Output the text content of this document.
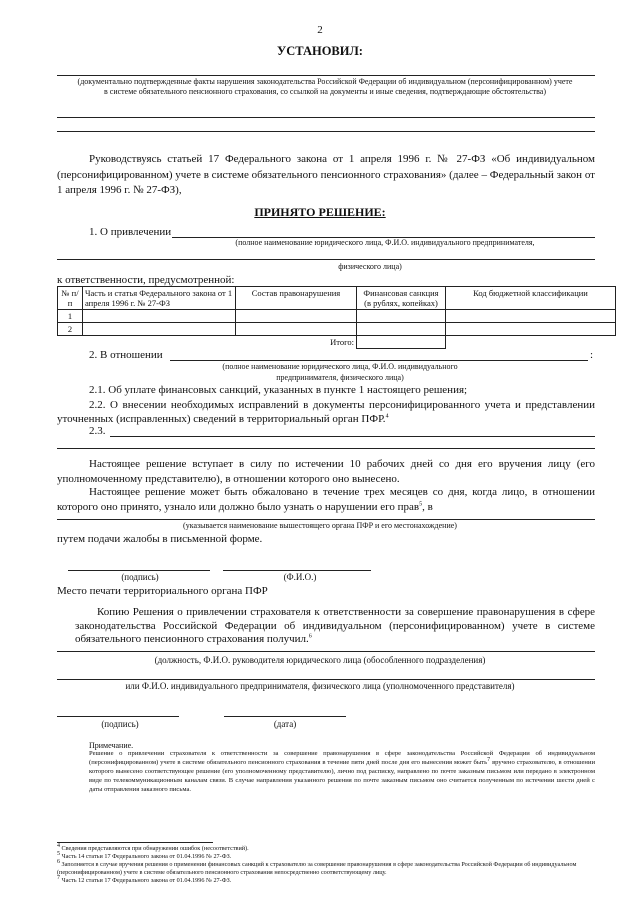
2
УСТАНОВИЛ:
(документально подтвержденные факты нарушения законодательства Российской Федерации об индивидуальном (персонифицированном) учете в системе обязательного пенсионного страхования, со ссылкой на документы и иные сведения, подтверждающие обстоятельства)
Руководствуясь статьей 17 Федерального закона от 1 апреля 1996 г. № 27-ФЗ «Об индивидуальном (персонифицированном) учете в системе обязательного пенсионного страхования» (далее – Федеральный закон от 1 апреля 1996 г. № 27-ФЗ),
ПРИНЯТО РЕШЕНИЕ:
1. О привлечении
(полное наименование юридического лица, Ф.И.О. индивидуального предпринимателя,
физического лица)
к ответственности, предусмотренной:
№ п/п	Часть и статья Федерального закона от 1 апреля 1996 г. № 27-ФЗ	Состав правонарушения	Финансовая санкция (в рублях, копейках)	Код бюджетной классификации
1				
2				
Итого:				
2. В отношении	:
(полное наименование юридического лица, Ф.И.О. индивидуального
предпринимателя, физического лица)
2.1. Об уплате финансовых санкций, указанных в пункте 1 настоящего решения;
2.2. О внесении необходимых исправлений в документы персонифицированного учета и представлении уточненных (исправленных) сведений в территориальный орган ПФР.$^4$
2.3.
Настоящее решение вступает в силу по истечении 10 рабочих дней со дня его вручения лицу (его уполномоченному представителю), в отношении которого оно вынесено.
Настоящее решение может быть обжаловано в течение трех месяцев со дня, когда лицо, в отношении которого оно принято, узнало или должно было узнать о нарушении его прав$^5$, в
(указывается наименование вышестоящего органа ПФР и его местонахождение)
путем подачи жалобы в письменной форме.
(подпись)	(Ф.И.О.)
Место печати территориального органа ПФР
Копию Решения о привлечении страхователя к ответственности за совершение правонарушения в сфере законодательства Российской Федерации об индивидуальном (персонифицированном) учете в системе обязательного пенсионного страхования получил.$^6$
(должность, Ф.И.О. руководителя юридического лица (обособленного подразделения)
или Ф.И.О. индивидуального предпринимателя, физического лица (уполномоченного представителя)
(подпись)	(дата)
Примечание.
Решение о привлечении страхователя к ответственности за совершение правонарушения в сфере законодательства Российской Федерации об индивидуальном (персонифицированном) учете в системе обязательного пенсионного страхования в течение пяти дней после дня его вынесения может быть7 вручено страхователю, в отношении которого вынесено соответствующее решение (его уполномоченному представителю), лично под расписку, направлено по почте заказным письмом или передано в электронном виде по телекоммуникационным каналам связи. В случае направления указанного решения по почте заказным письмом оно считается полученным по истечении шести дней с даты отправления заказного письма.
4 Сведения представляются при обнаружении ошибок (несоответствий).
5 Часть 14 статьи 17 Федерального закона от 01.04.1996 № 27-ФЗ.
6 Заполняется в случае вручения решения о применении финансовых санкций к страхователю за совершение правонарушения в сфере законодательства Российской Федерации об индивидуальном (персонифицированном) учете в системе обязательного пенсионного страхования непосредственно соответствующему лицу.
7 Часть 12 статьи 17 Федерального закона от 01.04.1996 № 27-ФЗ.
